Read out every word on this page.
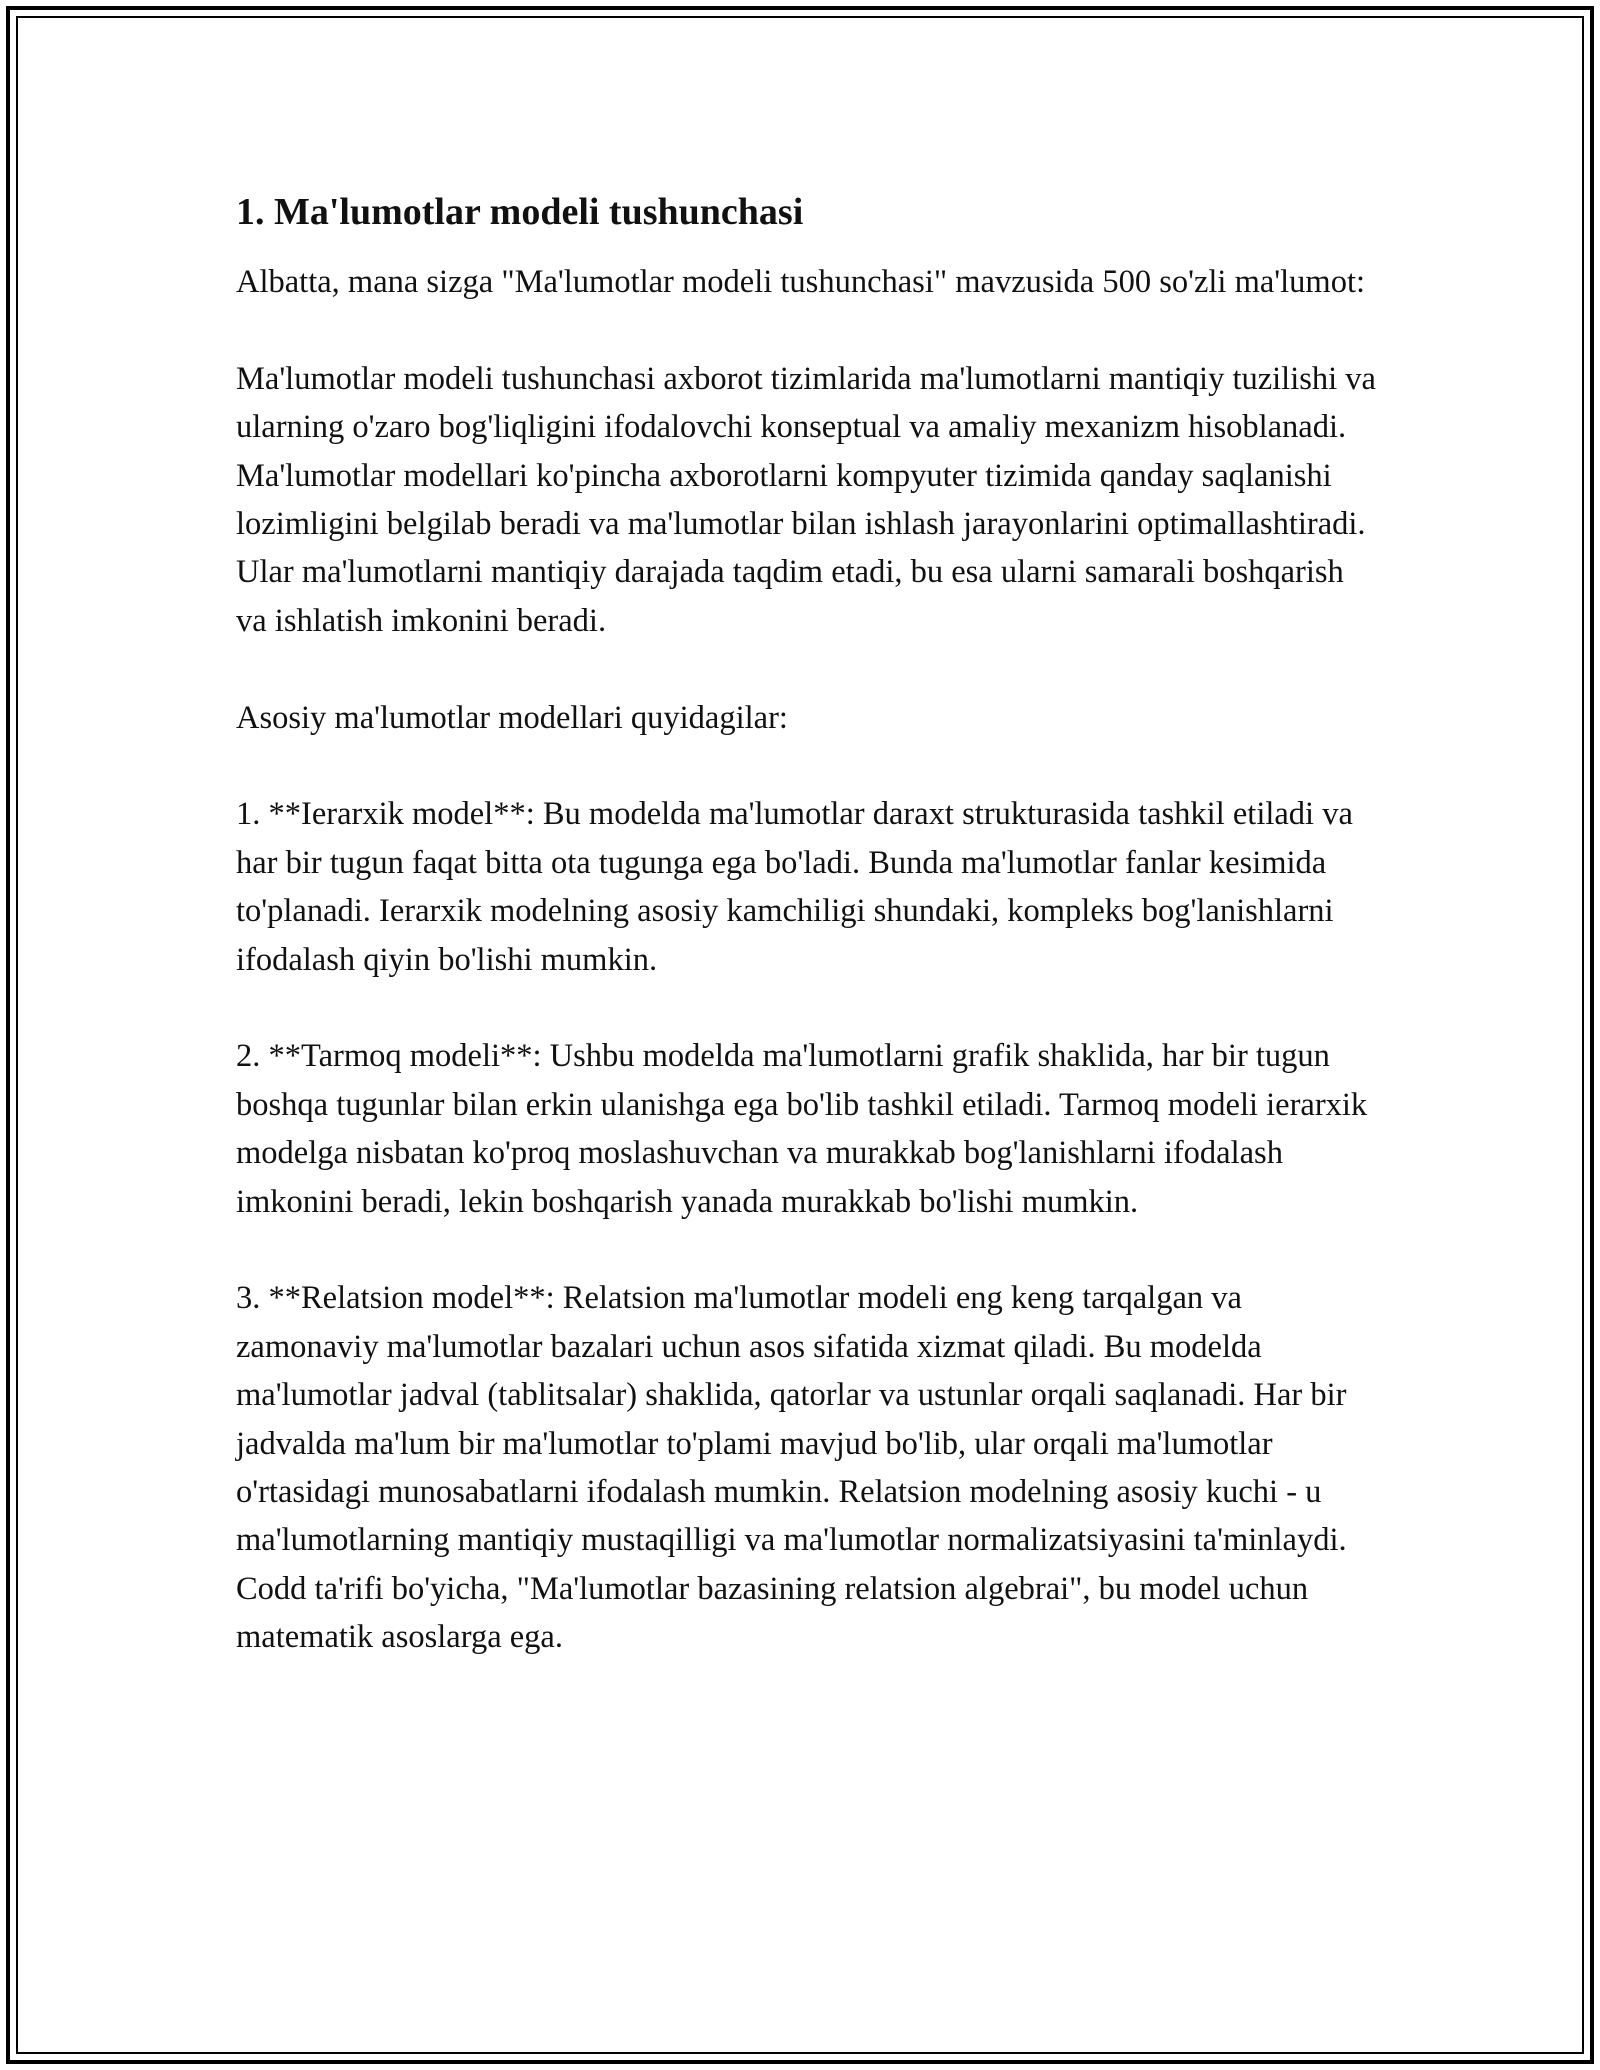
1. Ma'lumotlar modeli tushunchasi

Albatta, mana sizga "Ma'lumotlar modeli tushunchasi" mavzusida 500 so'zli ma'lumot:

Ma'lumotlar modeli tushunchasi axborot tizimlarida ma'lumotlarni mantiqiy tuzilishi va ularning o'zaro bog'liqligini ifodalovchi konseptual va amaliy mexanizm hisoblanadi. Ma'lumotlar modellari ko'pincha axborotlarni kompyuter tizimida qanday saqlanishi lozimligini belgilab beradi va ma'lumotlar bilan ishlash jarayonlarini optimallashtiradi. Ular ma'lumotlarni mantiqiy darajada taqdim etadi, bu esa ularni samarali boshqarish va ishlatish imkonini beradi.

Asosiy ma'lumotlar modellari quyidagilar:

1. **Ierarxik model**: Bu modelda ma'lumotlar daraxt strukturasida tashkil etiladi va har bir tugun faqat bitta ota tugunga ega bo'ladi. Bunda ma'lumotlar fanlar kesimida to'planadi. Ierarxik modelning asosiy kamchiligi shundaki, kompleks bog'lanishlarni ifodalash qiyin bo'lishi mumkin.

2. **Tarmoq modeli**: Ushbu modelda ma'lumotlarni grafik shaklida, har bir tugun boshqa tugunlar bilan erkin ulanishga ega bo'lib tashkil etiladi. Tarmoq modeli ierarxik modelga nisbatan ko'proq moslashuvchan va murakkab bog'lanishlarni ifodalash imkonini beradi, lekin boshqarish yanada murakkab bo'lishi mumkin.

3. **Relatsion model**: Relatsion ma'lumotlar modeli eng keng tarqalgan va zamonaviy ma'lumotlar bazalari uchun asos sifatida xizmat qiladi. Bu modelda ma'lumotlar jadval (tablitsalar) shaklida, qatorlar va ustunlar orqali saqlanadi. Har bir jadvalda ma'lum bir ma'lumotlar to'plami mavjud bo'lib, ular orqali ma'lumotlar o'rtasidagi munosabatlarni ifodalash mumkin. Relatsion modelning asosiy kuchi - u ma'lumotlarning mantiqiy mustaqilligi va ma'lumotlar normalizatsiyasini ta'minlaydi. Codd ta'rifi bo'yicha, "Ma'lumotlar bazasining relatsion algebrai", bu model uchun matematik asoslarga ega.
